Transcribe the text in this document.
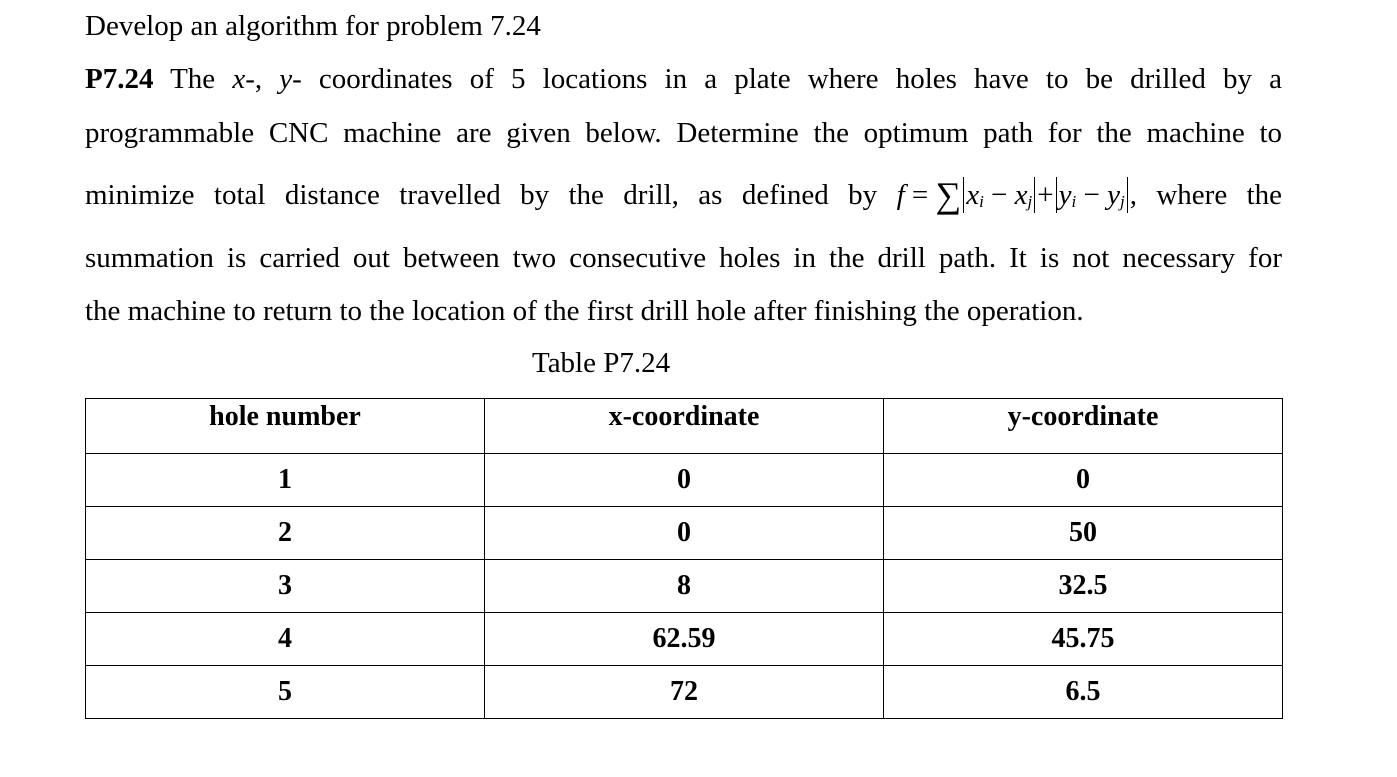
Develop an algorithm for problem 7.24
P7.24 The x-, y- coordinates of 5 locations in a plate where holes have to be drilled by a
programmable CNC machine are given below. Determine the optimum path for the machine to
minimize total distance travelled by the drill, as defined by f = ∑ $x_i - x_j + y_i - y_j$ , where the
summation is carried out between two consecutive holes in the drill path. It is not necessary for
the machine to return to the location of the first drill hole after finishing the operation.
Table P7.24
hole number	x-coordinate	y-coordinate
1	0	0
2	0	50
3	8	32.5
4	62.59	45.75
5	72	6.5
